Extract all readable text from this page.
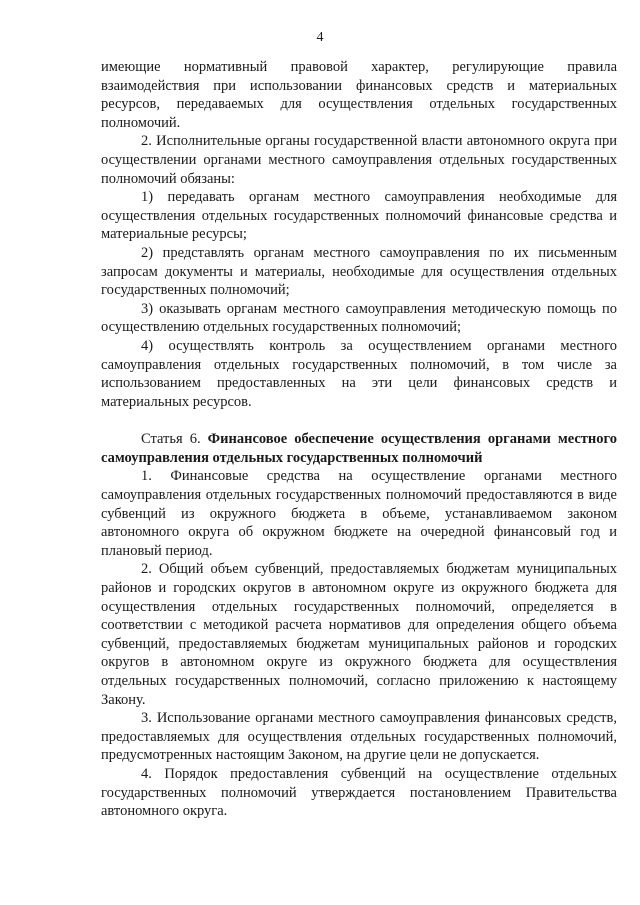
4

имеющие нормативный правовой характер, регулирующие правила взаимодействия при использовании финансовых средств и материальных ресурсов, передаваемых для осуществления отдельных государственных полномочий.

2. Исполнительные органы государственной власти автономного округа при осуществлении органами местного самоуправления отдельных государственных полномочий обязаны:

1) передавать органам местного самоуправления необходимые для осуществления отдельных государственных полномочий финансовые средства и материальные ресурсы;

2) представлять органам местного самоуправления по их письменным запросам документы и материалы, необходимые для осуществления отдельных государственных полномочий;

3) оказывать органам местного самоуправления методическую помощь по осуществлению отдельных государственных полномочий;

4) осуществлять контроль за осуществлением органами местного самоуправления отдельных государственных полномочий, в том числе за использованием предоставленных на эти цели финансовых средств и материальных ресурсов.

Статья 6. Финансовое обеспечение осуществления органами местного самоуправления отдельных государственных полномочий

1. Финансовые средства на осуществление органами местного самоуправления отдельных государственных полномочий предоставляются в виде субвенций из окружного бюджета в объеме, устанавливаемом законом автономного округа об окружном бюджете на очередной финансовый год и плановый период.

2. Общий объем субвенций, предоставляемых бюджетам муниципальных районов и городских округов в автономном округе из окружного бюджета для осуществления отдельных государственных полномочий, определяется в соответствии с методикой расчета нормативов для определения общего объема субвенций, предоставляемых бюджетам муниципальных районов и городских округов в автономном округе из окружного бюджета для осуществления отдельных государственных полномочий, согласно приложению к настоящему Закону.

3. Использование органами местного самоуправления финансовых средств, предоставляемых для осуществления отдельных государственных полномочий, предусмотренных настоящим Законом, на другие цели не допускается.

4. Порядок предоставления субвенций на осуществление отдельных государственных полномочий утверждается постановлением Правительства автономного округа.
